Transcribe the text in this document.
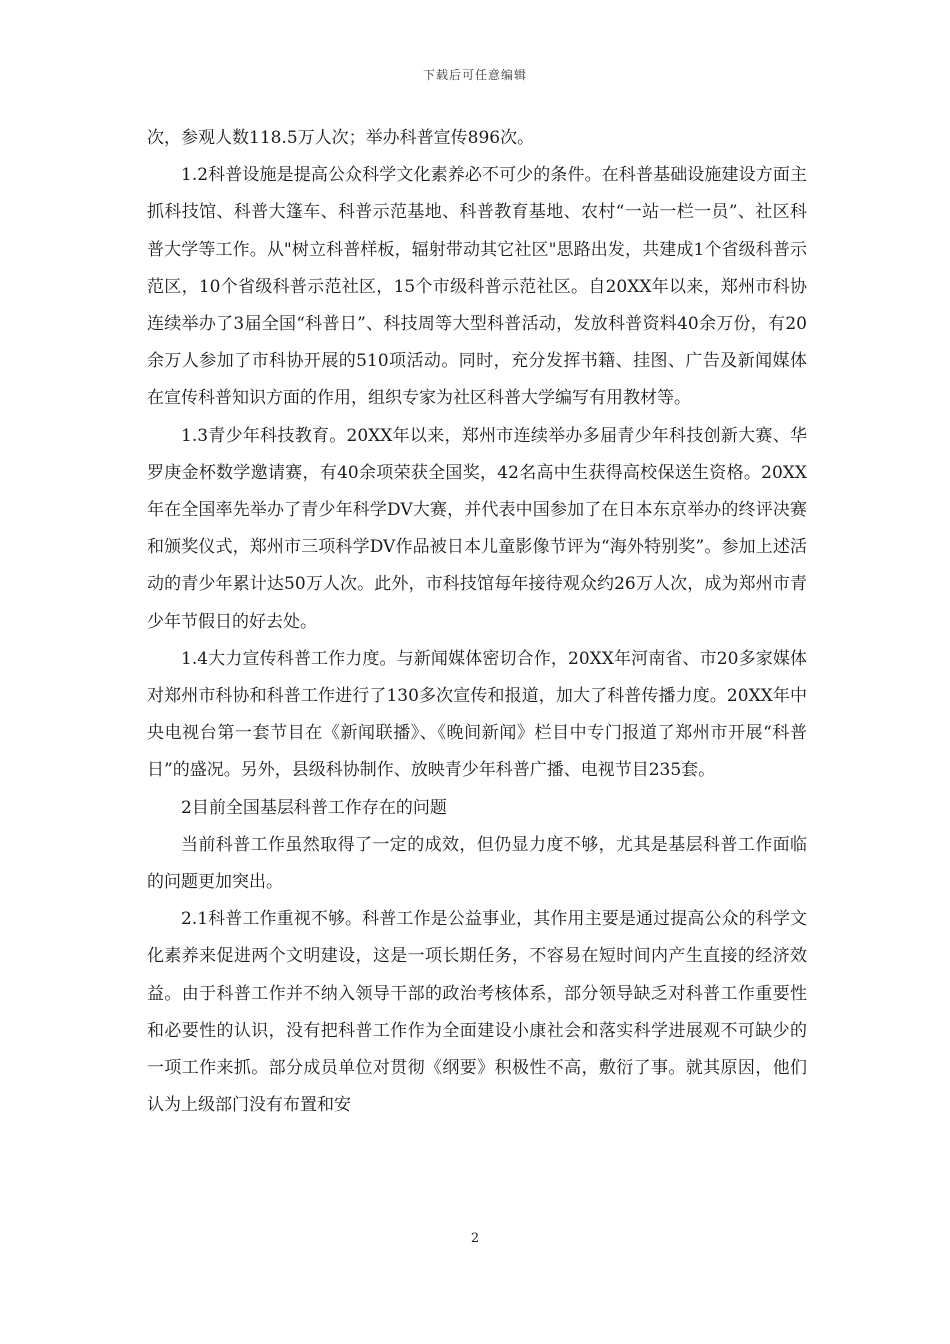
下载后可任意编辑

次，参观人数118.5万人次；举办科普宣传896次。

1.2科普设施是提高公众科学文化素养必不可少的条件。在科普基础设施建设方面主抓科技馆、科普大篷车、科普示范基地、科普教育基地、农村“一站一栏一员”、社区科普大学等工作。从"树立科普样板，辐射带动其它社区"思路出发，共建成1个省级科普示范区，10个省级科普示范社区，15个市级科普示范社区。自20XX年以来，郑州市科协连续举办了3届全国“科普日”、科技周等大型科普活动，发放科普资料40余万份，有20余万人参加了市科协开展的510项活动。同时，充分发挥书籍、挂图、广告及新闻媒体在宣传科普知识方面的作用，组织专家为社区科普大学编写有用教材等。

1.3青少年科技教育。20XX年以来，郑州市连续举办多届青少年科技创新大赛、华罗庚金杯数学邀请赛，有40余项荣获全国奖，42名高中生获得高校保送生资格。20XX年在全国率先举办了青少年科学DV大赛，并代表中国参加了在日本东京举办的终评决赛和颁奖仪式，郑州市三项科学DV作品被日本儿童影像节评为“海外特别奖”。参加上述活动的青少年累计达50万人次。此外，市科技馆每年接待观众约26万人次，成为郑州市青少年节假日的好去处。

1.4大力宣传科普工作力度。与新闻媒体密切合作，20XX年河南省、市20多家媒体对郑州市科协和科普工作进行了130多次宣传和报道，加大了科普传播力度。20XX年中央电视台第一套节目在《新闻联播》、《晚间新闻》栏目中专门报道了郑州市开展“科普日”的盛况。另外，县级科协制作、放映青少年科普广播、电视节目235套。

2目前全国基层科普工作存在的问题

当前科普工作虽然取得了一定的成效，但仍显力度不够，尤其是基层科普工作面临的问题更加突出。

2.1科普工作重视不够。科普工作是公益事业，其作用主要是通过提高公众的科学文化素养来促进两个文明建设，这是一项长期任务，不容易在短时间内产生直接的经济效益。由于科普工作并不纳入领导干部的政治考核体系，部分领导缺乏对科普工作重要性和必要性的认识，没有把科普工作作为全面建设小康社会和落实科学进展观不可缺少的一项工作来抓。部分成员单位对贯彻《纲要》积极性不高，敷衍了事。就其原因，他们认为上级部门没有布置和安

2
